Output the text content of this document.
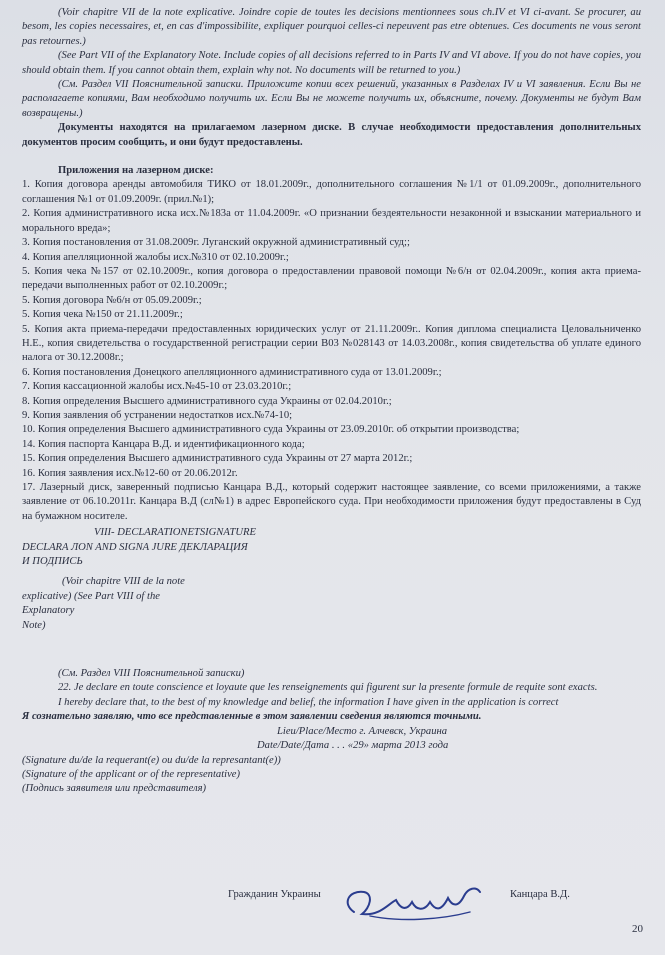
(Voir chapitre VII de la note explicative. Joindre copie de toutes les decisions mentionnees sous ch.IV et VI ci-avant. Se procurer, au besom, les copies necessaires, et, en cas d'impossibilite, expliquer pourquoi celles-ci nepeuvent pas etre obtenues. Ces documents ne vous seront pas retournes.)

(See Part VII of the Explanatory Note. Include copies of all decisions referred to in Parts IV and VI above. If you do not have copies, you should obtain them. If you cannot obtain them, explain why not. No documents will be returned to you.)

(См. Раздел VII Пояснительной записки. Приложите копии всех решений, указанных в Разделах IV и VI заявления. Если Вы не располагаете копиями, Вам необходимо получить их. Если Вы не можете получить их, объясните, почему. Документы не будут Вам возвращены.)

Документы находятся на прилагаемом лазерном диске. В случае необходимости предоставления дополнительных документов просим сообщить, и они будут предоставлены.

Приложения на лазерном диске:

1. Копия договора аренды автомобиля ТИКО от 18.01.2009г., дополнительного соглашения №1/1 от 01.09.2009г., дополнительного соглашения №1 от 01.09.2009г. (прил.№1);
2. Копия административного иска исх.№183а от 11.04.2009г. «О признании бездеятельности незаконной и взыскании материального и морального вреда»;
3. Копия постановления от 31.08.2009г. Луганский окружной административный суд;;
4. Копия апелляционной жалобы исх.№310 от 02.10.2009г.;
5. Копия чека №157 от 02.10.2009г., копия договора о предоставлении правовой помощи №6/н от 02.04.2009г., копия акта приема-передачи выполненных работ от 02.10.2009г.;
5. Копия договора №6/н от 05.09.2009г.;
5. Копия чека №150 от 21.11.2009г.;
5. Копия акта приема-передачи предоставленных юридических услуг от 21.11.2009г.. Копия диплома специалиста Целовальниченко Н.Е., копия свидетельства о государственной регистрации серии В03 №028143 от 14.03.2008г., копия свидетельства об уплате единого налога от 30.12.2008г.;
6. Копия постановления Донецкого апелляционного административного суда от 13.01.2009г.;
7. Копия кассационной жалобы исх.№45-10 от 23.03.2010г.;
8. Копия определения Высшего административного суда Украины от 02.04.2010г.;
9. Копия заявления об устранении недостатков исх.№74-10;
10. Копия определения Высшего административного суда Украины от 23.09.2010г. об открытии производства;
14. Копия паспорта Канцара В.Д. и идентификационного кода;
15. Копия определения Высшего административного суда Украины от 27 марта 2012г.;
16. Копия заявления исх.№12-60 от 20.06.2012г.
17. Лазерный диск, заверенный подписью Канцара В.Д., который содержит настоящее заявление, со всеми приложениями, а также заявление от 06.10.2011г. Канцара В.Д (сл№1) в адрес Европейского суда. При необходимости приложения будут предоставлены в Суд на бумажном носителе.

VIII- DECLARATIONETSIGNATURE

DECLARA ЛON AND SIGNA JURE ДЕКЛАРАЦИЯ

И ПОДПИСЬ

(Voir chapitre VIII de la note

explicative) (See Part VIII of the Explanatory

Note)

(См. Раздел VIII Пояснительной записки)

22. Je declare en toute conscience et loyaute que les renseignements qui figurent sur la presente formule de requite sont exacts.

I hereby declare that, to the best of my knowledge and belief, the information I have given in the application is correct

Я сознательно заявляю, что все представленные в этом заявлении сведения являются точными.

Lieu/Place/Место г. Алчевск, Украина

Date/Date/Дата . . . «29» марта 2013 года

(Signature du/de la requerant(e) ou du/de la represantant(e))

(Signature of the applicant or of the representative)

(Подпись заявителя или представителя)

Гражданин Украины	Канцара В.Д.
20
